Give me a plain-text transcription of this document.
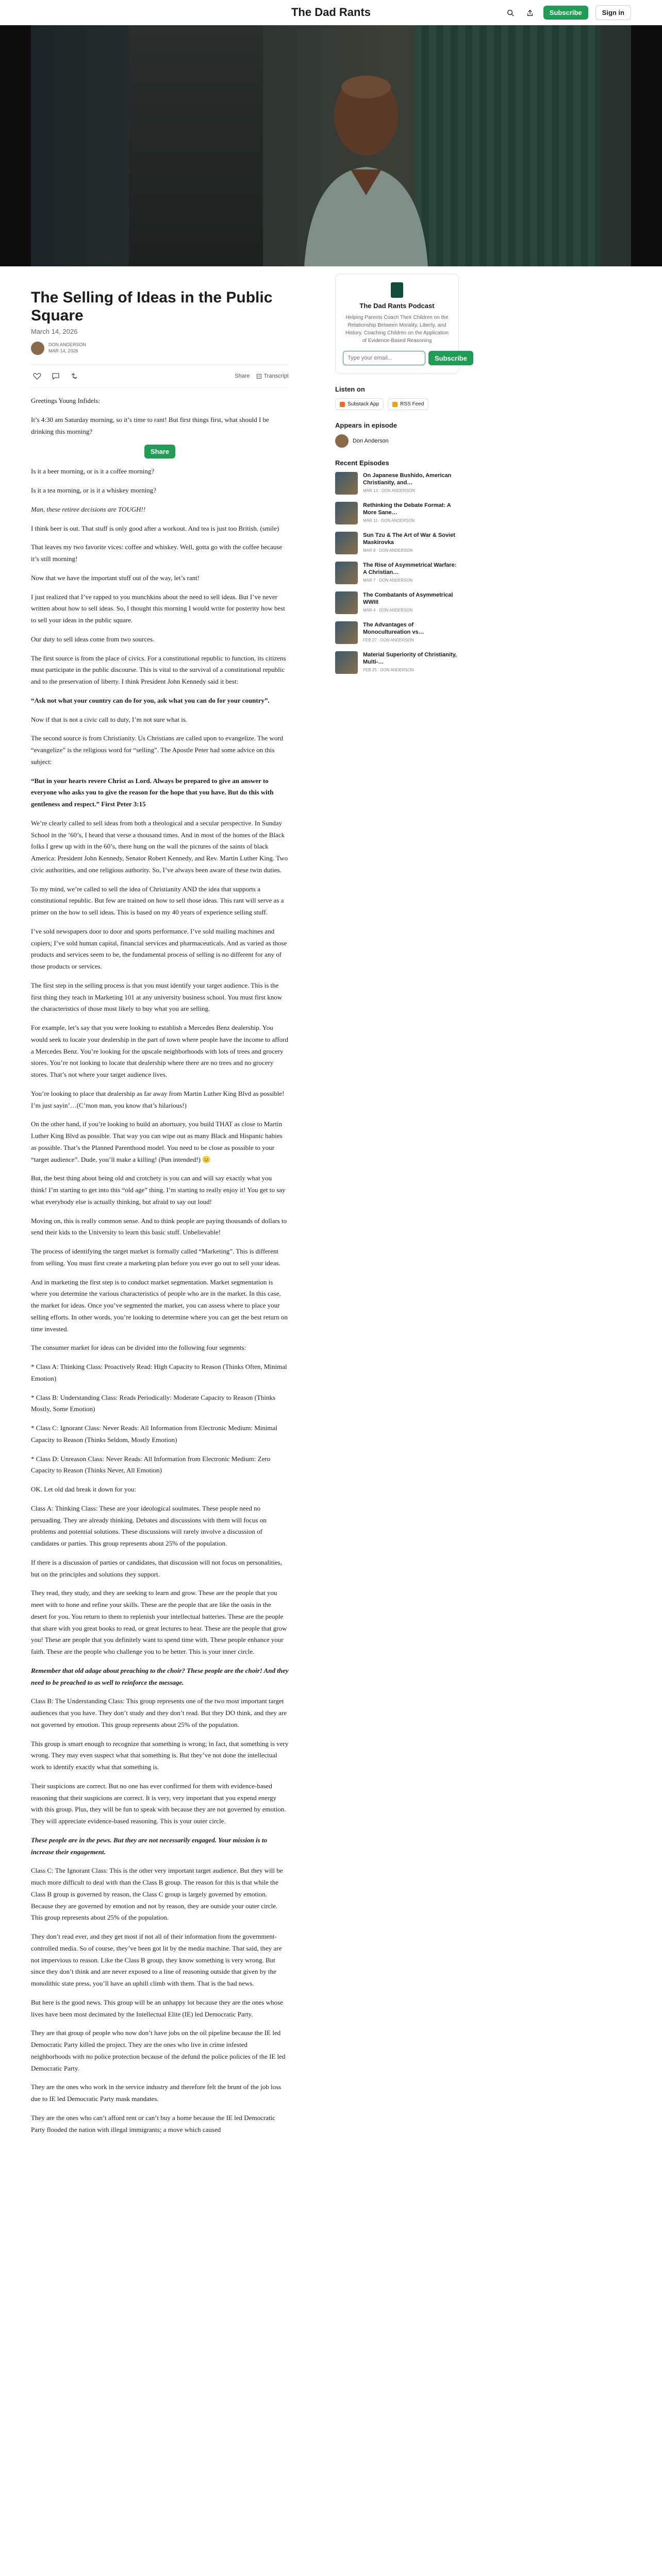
The Dad Rants	Subscribe	Sign in
The Selling of Ideas in the Public Square
March 14, 2026
DON ANDERSON
MAR 14, 2026
Share Transcript

Greetings Young Infidels:

It’s 4:30 am Saturday morning, so it’s time to rant! But first things first, what should I be drinking this morning?

Share

Is it a beer morning, or is it a coffee morning?

Is it a tea morning, or is it a whiskey morning?

Man, these retiree decisions are TOUGH!!

I think beer is out. That stuff is only good after a workout. And tea is just too British. (smile)

That leaves my two favorite vices: coffee and whiskey. Well, gotta go with the coffee because it’s still morning!

Now that we have the important stuff out of the way, let’s rant!

I just realized that I’ve rapped to you munchkins about the need to sell ideas. But I’ve never written about how to sell ideas. So, I thought this morning I would write for posterity how best to sell your ideas in the public square.

Our duty to sell ideas come from two sources.

The first source is from the place of civics. For a constitutional republic to function, its citizens must participate in the public discourse. This is vital to the survival of a constitutional republic and to the preservation of liberty. I think President John Kennedy said it best:

“Ask not what your country can do for you, ask what you can do for your country”.

Now if that is not a civic call to duty, I’m not sure what is.

The second source is from Christianity. Us Christians are called upon to evangelize. The word “evangelize” is the religious word for “selling”. The Apostle Peter had some advice on this subject:

“But in your hearts revere Christ as Lord. Always be prepared to give an answer to everyone who asks you to give the reason for the hope that you have. But do this with gentleness and respect.” First Peter 3:15

We’re clearly called to sell ideas from both a theological and a secular perspective. In Sunday School in the ’60’s, I heard that verse a thousand times. And in most of the homes of the Black folks I grew up with in the 60’s, there hung on the wall the pictures of the saints of black America: President John Kennedy, Senator Robert Kennedy, and Rev. Martin Luther King. Two civic authorities, and one religious authority. So, I’ve always been aware of these twin duties.

To my mind, we’re called to sell the idea of Christianity AND the idea that supports a constitutional republic. But few are trained on how to sell those ideas. This rant will serve as a primer on the how to sell ideas. This is based on my 40 years of experience selling stuff.

I’ve sold newspapers door to door and sports performance. I’ve sold mailing machines and copiers; I’ve sold human capital, financial services and pharmaceuticals. And as varied as those products and services seem to be, the fundamental process of selling is no different for any of those products or services.

The first step in the selling process is that you must identify your target audience. This is the first thing they teach in Marketing 101 at any university business school. You must first know the characteristics of those most likely to buy what you are selling.

For example, let’s say that you were looking to establish a Mercedes Benz dealership. You would seek to locate your dealership in the part of town where people have the income to afford a Mercedes Benz. You’re looking for the upscale neighborhoods with lots of trees and grocery stores. You’re not looking to locate that dealership where there are no trees and no grocery stores. That’s not where your target audience lives.

You’re looking to place that dealership as far away from Martin Luther King Blvd as possible! I’m just sayin’…(C’mon man, you know that’s hilarious!)

On the other hand, if you’re looking to build an abortuary, you build THAT as close to Martin Luther King Blvd as possible. That way you can wipe out as many Black and Hispanic babies as possible. That’s the Planned Parenthood model. You need to be close as possible to your “target audience”. Dude, you’ll make a killing! (Pun intended!) 😐

But, the best thing about being old and crotchety is you can and will say exactly what you think! I’m starting to get into this “old age” thing. I’m starting to really enjoy it! You get to say what everybody else is actually thinking, but afraid to say out loud!

Moving on, this is really common sense. And to think people are paying thousands of dollars to send their kids to the University to learn this basic stuff. Unbelievable!

The process of identifying the target market is formally called “Marketing”. This is different from selling. You must first create a marketing plan before you ever go out to sell your ideas.

And in marketing the first step is to conduct market segmentation. Market segmentation is where you determine the various characteristics of people who are in the market. In this case, the market for ideas. Once you’ve segmented the market, you can assess where to place your selling efforts. In other words, you’re looking to determine where you can get the best return on time invested.

The consumer market for ideas can be divided into the following four segments:

* Class A: Thinking Class: Proactively Read: High Capacity to Reason (Thinks Often, Minimal Emotion)

* Class B: Understanding Class: Reads Periodically: Moderate Capacity to Reason (Thinks Mostly, Some Emotion)

* Class C: Ignorant Class: Never Reads: All Information from Electronic Medium: Minimal Capacity to Reason (Thinks Seldom, Mostly Emotion)

* Class D: Unreason Class: Never Reads: All Information from Electronic Medium: Zero Capacity to Reason (Thinks Never, All Emotion)

OK. Let old dad break it down for you:

Class A: Thinking Class: These are your ideological soulmates. These people need no persuading. They are already thinking. Debates and discussions with them will focus on problems and potential solutions. These discussions will rarely involve a discussion of candidates or parties. This group represents about 25% of the population.

If there is a discussion of parties or candidates, that discussion will not focus on personalities, but on the principles and solutions they support.

They read, they study, and they are seeking to learn and grow. These are the people that you meet with to hone and refine your skills. These are the people that are like the oasis in the desert for you. You return to them to replenish your intellectual batteries. These are the people that share with you great books to read, or great lectures to hear. These are the people that grow you! These are people that you definitely want to spend time with. These people enhance your faith. These are the people who challenge you to be better. This is your inner circle.

Remember that old adage about preaching to the choir? These people are the choir! And they need to be preached to as well to reinforce the message.

Class B: The Understanding Class: This group represents one of the two most important target audiences that you have. They don’t study and they don’t read. But they DO think, and they are not governed by emotion. This group represents about 25% of the population.

This group is smart enough to recognize that something is wrong; in fact, that something is very wrong. They may even suspect what that something is. But they’ve not done the intellectual work to identify exactly what that something is.

Their suspicions are correct. But no one has ever confirmed for them with evidence-based reasoning that their suspicions are correct. It is very, very important that you expend energy with this group. Plus, they will be fun to speak with because they are not governed by emotion. They will appreciate evidence-based reasoning. This is your outer circle.

These people are in the pews. But they are not necessarily engaged. Your mission is to increase their engagement.

Class C: The Ignorant Class: This is the other very important target audience. But they will be much more difficult to deal with than the Class B group. The reason for this is that while the Class B group is governed by reason, the Class C group is largely governed by emotion. Because they are governed by emotion and not by reason, they are outside your outer circle. This group represents about 25% of the population.

They don’t read ever, and they get most if not all of their information from the government-controlled media. So of course, they’ve been got lit by the media machine. That said, they are not impervious to reason. Like the Class B group, they know something is very wrong. But since they don’t think and are never exposed to a line of reasoning outside that given by the monolithic state press, you’ll have an uphill climb with them. That is the bad news.

But here is the good news. This group will be an unhappy lot because they are the ones whose lives have been most decimated by the Intellectual Elite (IE) led Democratic Party.

They are that group of people who now don’t have jobs on the oil pipeline because the IE led Democratic Party killed the project. They are the ones who live in crime infested neighborhoods with no police protection because of the defund the police policies of the IE led Democratic Party.

They are the ones who work in the service industry and therefore felt the brunt of the job loss due to IE led Democratic Party mask mandates.

They are the ones who can’t afford rent or can’t buy a home because the IE led Democratic Party flooded the nation with illegal immigrants; a move which caused

The Dad Rants Podcast
Helping Parents Coach Their Children on the Relationship Between Morality, Liberty, and History. Coaching Children on the Application of Evidence-Based Reasoning
Type your email...
Subscribe
Listen on
Substack App	RSS Feed
Appears in episode
Don Anderson
Recent Episodes
On Japanese Bushido, American Christianity, and…
MAR 13 · DON ANDERSON
Rethinking the Debate Format: A More Sane…
MAR 11 · DON ANDERSON
Sun Tzu & The Art of War & Soviet Maskirovka
MAR 8 · DON ANDERSON
The Rise of Asymmetrical Warfare: A Christian…
MAR 7 · DON ANDERSON
The Combatants of Asymmetrical WWIII
MAR 4 · DON ANDERSON
The Advantages of Monocultureation vs…
FEB 27 · DON ANDERSON
Material Superiority of Christianity, Multi-…
FEB 25 · DON ANDERSON
